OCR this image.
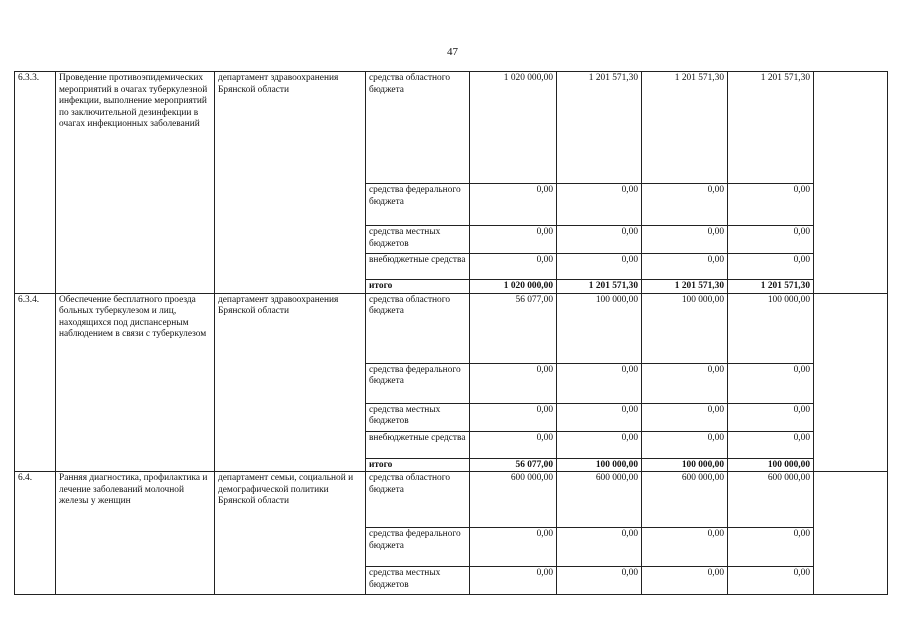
47
6.3.3.	Проведение противоэпидемических мероприятий в очагах туберкулезной инфекции, выполнение мероприятий по заключительной дезинфекции в очагах инфекционных заболеваний	департамент здравоохранения Брянской области	средства областного бюджета	1 020 000,00	1 201 571,30	1 201 571,30	1 201 571,30	
			средства федерального бюджета	0,00	0,00	0,00	0,00	
			средства местных бюджетов	0,00	0,00	0,00	0,00	
			внебюджетные средства	0,00	0,00	0,00	0,00	
			итого	1 020 000,00	1 201 571,30	1 201 571,30	1 201 571,30	
6.3.4.	Обеспечение бесплатного проезда больных туберкулезом и лиц, находящихся под диспансерным наблюдением в связи с туберкулезом	департамент здравоохранения Брянской области	средства областного бюджета	56 077,00	100 000,00	100 000,00	100 000,00	
			средства федерального бюджета	0,00	0,00	0,00	0,00	
			средства местных бюджетов	0,00	0,00	0,00	0,00	
			внебюджетные средства	0,00	0,00	0,00	0,00	
			итого	56 077,00	100 000,00	100 000,00	100 000,00	
6.4.	Ранняя диагностика, профилактика и лечение заболеваний молочной железы у женщин	департамент семьи, социальной и демографической политики Брянской области	средства областного бюджета	600 000,00	600 000,00	600 000,00	600 000,00	
			средства федерального бюджета	0,00	0,00	0,00	0,00	
			средства местных бюджетов	0,00	0,00	0,00	0,00	
